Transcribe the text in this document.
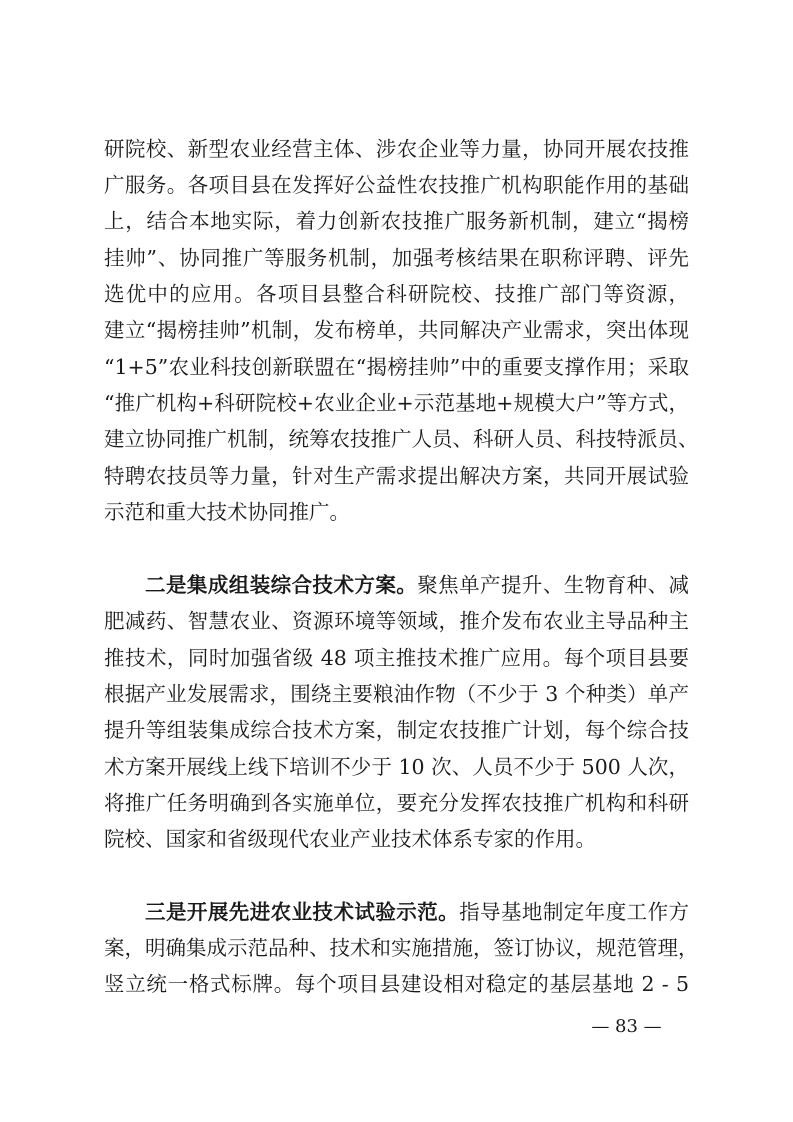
研院校、新型农业经营主体、涉农企业等力量，协同开展农技推
广服务。各项目县在发挥好公益性农技推广机构职能作用的基础
上，结合本地实际，着力创新农技推广服务新机制，建立“揭榜
挂帅”、协同推广等服务机制，加强考核结果在职称评聘、评先
选优中的应用。各项目县整合科研院校、技推广部门等资源，
建立“揭榜挂帅”机制，发布榜单，共同解决产业需求，突出体现
“1+5”农业科技创新联盟在“揭榜挂帅”中的重要支撑作用；采取
“推广机构+科研院校+农业企业+示范基地+规模大户”等方式，
建立协同推广机制，统筹农技推广人员、科研人员、科技特派员、
特聘农技员等力量，针对生产需求提出解决方案，共同开展试验
示范和重大技术协同推广。
二是集成组装综合技术方案。聚焦单产提升、生物育种、减
肥减药、智慧农业、资源环境等领域，推介发布农业主导品种主
推技术，同时加强省级 48 项主推技术推广应用。每个项目县要
根据产业发展需求，围绕主要粮油作物（不少于 3 个种类）单产
提升等组装集成综合技术方案，制定农技推广计划，每个综合技
术方案开展线上线下培训不少于 10 次、人员不少于 500 人次，
将推广任务明确到各实施单位，要充分发挥农技推广机构和科研
院校、国家和省级现代农业产业技术体系专家的作用。
三是开展先进农业技术试验示范。指导基地制定年度工作方
案，明确集成示范品种、技术和实施措施，签订协议，规范管理，
竖立统一格式标牌。每个项目县建设相对稳定的基层基地 2 - 5
— 83 —
